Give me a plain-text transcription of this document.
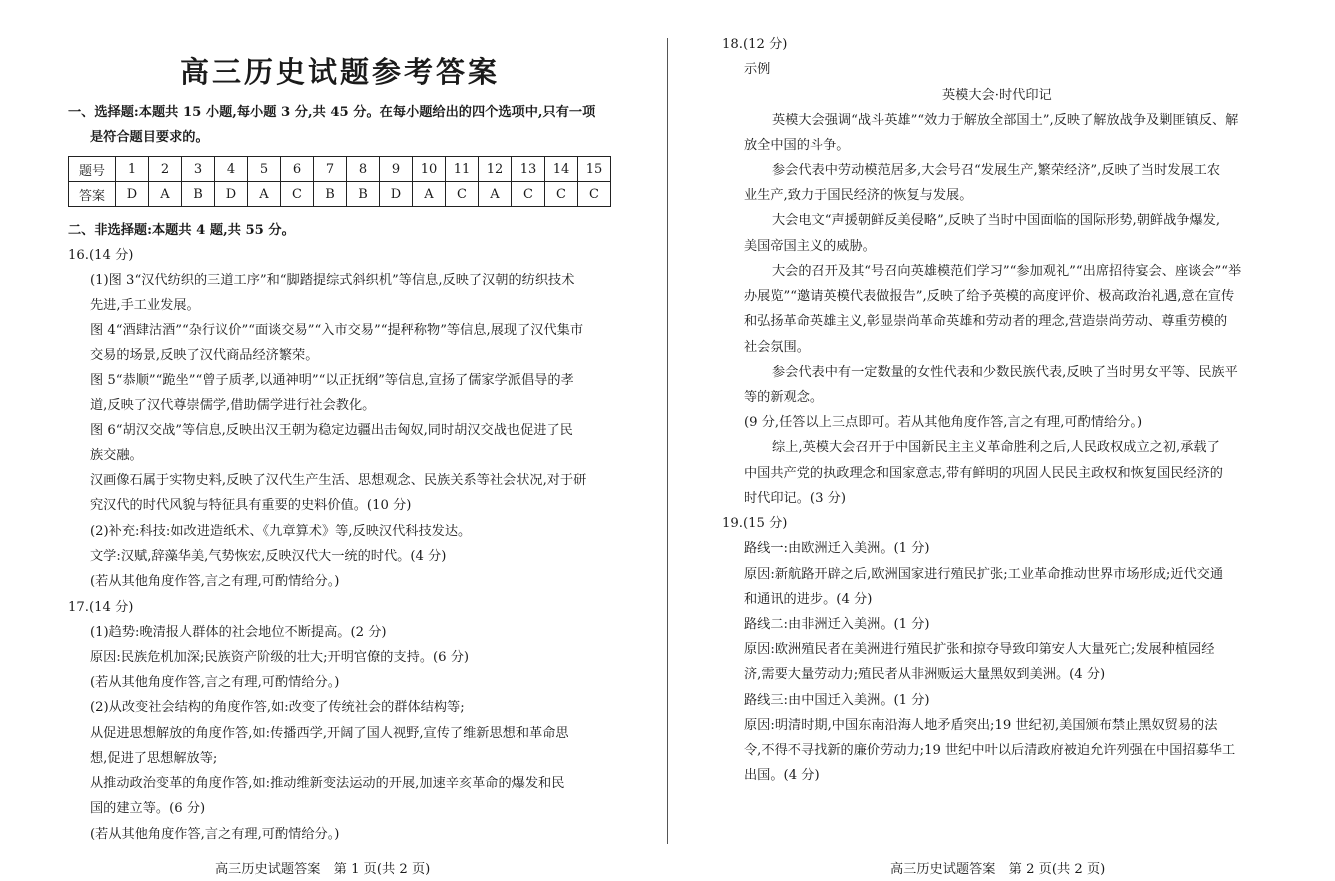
高三历史试题参考答案
一、选择题:本题共 15 小题,每小题 3 分,共 45 分。在每小题给出的四个选项中,只有一项
是符合题目要求的。
题号	1	2	3	4	5	6	7	8	9	10	11	12	13	14	15
答案	D	A	B	D	A	C	B	B	D	A	C	A	C	C	C
二、非选择题:本题共 4 题,共 55 分。
16.(14 分)
(1)图 3“汉代纺织的三道工序”和“脚踏提综式斜织机”等信息,反映了汉朝的纺织技术
先进,手工业发展。
图 4“酒肆沽酒”“杂行议价”“面谈交易”“入市交易”“提秤称物”等信息,展现了汉代集市
交易的场景,反映了汉代商品经济繁荣。
图 5“恭顺”“跪坐”“曾子质孝,以通神明”“以正抚纲”等信息,宣扬了儒家学派倡导的孝
道,反映了汉代尊崇儒学,借助儒学进行社会教化。
图 6“胡汉交战”等信息,反映出汉王朝为稳定边疆出击匈奴,同时胡汉交战也促进了民
族交融。
汉画像石属于实物史料,反映了汉代生产生活、思想观念、民族关系等社会状况,对于研
究汉代的时代风貌与特征具有重要的史料价值。(10 分)
(2)补充:科技:如改进造纸术、《九章算术》等,反映汉代科技发达。
文学:汉赋,辞藻华美,气势恢宏,反映汉代大一统的时代。(4 分)
(若从其他角度作答,言之有理,可酌情给分。)
17.(14 分)
(1)趋势:晚清报人群体的社会地位不断提高。(2 分)
原因:民族危机加深;民族资产阶级的壮大;开明官僚的支持。(6 分)
(若从其他角度作答,言之有理,可酌情给分。)
(2)从改变社会结构的角度作答,如:改变了传统社会的群体结构等;
从促进思想解放的角度作答,如:传播西学,开阔了国人视野,宣传了维新思想和革命思
想,促进了思想解放等;
从推动政治变革的角度作答,如:推动维新变法运动的开展,加速辛亥革命的爆发和民
国的建立等。(6 分)
(若从其他角度作答,言之有理,可酌情给分。)
高三历史试题答案　第 1 页(共 2 页)
18.(12 分)
示例
英模大会·时代印记
英模大会强调“战斗英雄”“效力于解放全部国土”,反映了解放战争及剿匪镇反、解
放全中国的斗争。
参会代表中劳动模范居多,大会号召“发展生产,繁荣经济”,反映了当时发展工农
业生产,致力于国民经济的恢复与发展。
大会电文“声援朝鲜反美侵略”,反映了当时中国面临的国际形势,朝鲜战争爆发,
美国帝国主义的威胁。
大会的召开及其“号召向英雄模范们学习”“参加观礼”“出席招待宴会、座谈会”“举
办展览”“邀请英模代表做报告”,反映了给予英模的高度评价、极高政治礼遇,意在宣传
和弘扬革命英雄主义,彰显崇尚革命英雄和劳动者的理念,营造崇尚劳动、尊重劳模的
社会氛围。
参会代表中有一定数量的女性代表和少数民族代表,反映了当时男女平等、民族平
等的新观念。
(9 分,任答以上三点即可。若从其他角度作答,言之有理,可酌情给分。)
综上,英模大会召开于中国新民主主义革命胜利之后,人民政权成立之初,承载了
中国共产党的执政理念和国家意志,带有鲜明的巩固人民民主政权和恢复国民经济的
时代印记。(3 分)
19.(15 分)
路线一:由欧洲迁入美洲。(1 分)
原因:新航路开辟之后,欧洲国家进行殖民扩张;工业革命推动世界市场形成;近代交通
和通讯的进步。(4 分)
路线二:由非洲迁入美洲。(1 分)
原因:欧洲殖民者在美洲进行殖民扩张和掠夺导致印第安人大量死亡;发展种植园经
济,需要大量劳动力;殖民者从非洲贩运大量黑奴到美洲。(4 分)
路线三:由中国迁入美洲。(1 分)
原因:明清时期,中国东南沿海人地矛盾突出;19 世纪初,美国颁布禁止黑奴贸易的法
令,不得不寻找新的廉价劳动力;19 世纪中叶以后清政府被迫允许列强在中国招募华工
出国。(4 分)
高三历史试题答案　第 2 页(共 2 页)
